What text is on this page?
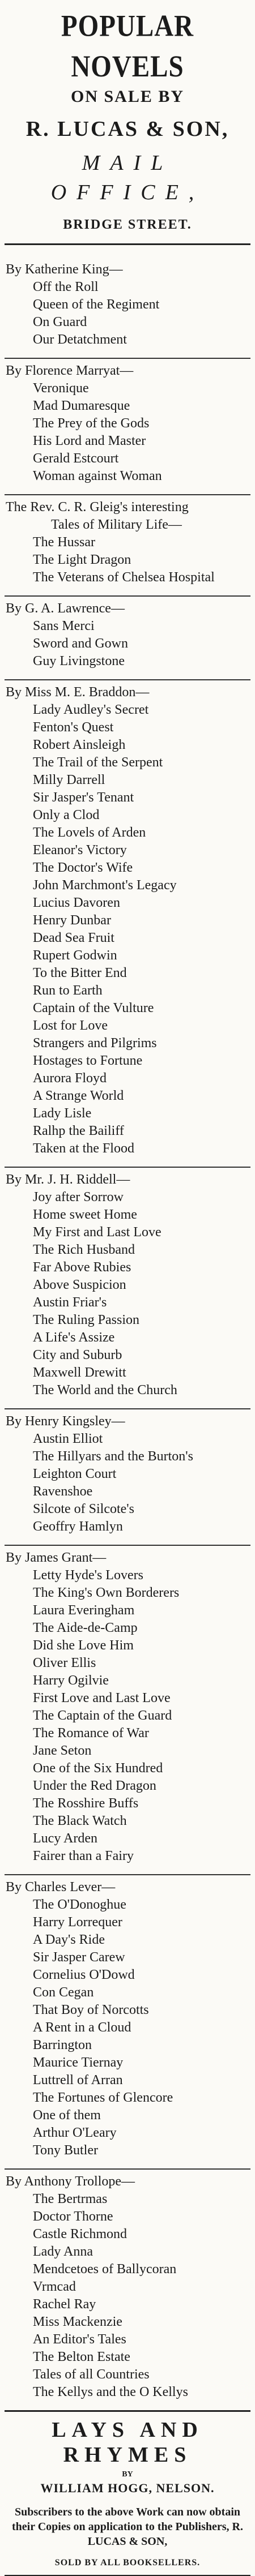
POPULAR NOVELS
ON SALE BY
R. LUCAS & SON,
MAIL OFFICE,
BRIDGE STREET.
By Katherine King—
Off the Roll
Queen of the Regiment
On Guard
Our Detatchment
By Florence Marryat—
Veronique
Mad Dumaresque
The Prey of the Gods
His Lord and Master
Gerald Estcourt
Woman against Woman
The Rev. C. R. Gleig's interesting
Tales of Military Life—
The Hussar
The Light Dragon
The Veterans of Chelsea Hospital
By G. A. Lawrence—
Sans Merci
Sword and Gown
Guy Livingstone
By Miss M. E. Braddon—
Lady Audley's Secret
Fenton's Quest
Robert Ainsleigh
The Trail of the Serpent
Milly Darrell
Sir Jasper's Tenant
Only a Clod
The Lovels of Arden
Eleanor's Victory
The Doctor's Wife
John Marchmont's Legacy
Lucius Davoren
Henry Dunbar
Dead Sea Fruit
Rupert Godwin
To the Bitter End
Run to Earth
Captain of the Vulture
Lost for Love
Strangers and Pilgrims
Hostages to Fortune
Aurora Floyd
A Strange World
Lady Lisle
Ralhp the Bailiff
Taken at the Flood
By Mr. J. H. Riddell—
Joy after Sorrow
Home sweet Home
My First and Last Love
The Rich Husband
Far Above Rubies
Above Suspicion
Austin Friar's
The Ruling Passion
A Life's Assize
City and Suburb
Maxwell Drewitt
The World and the Church
By Henry Kingsley—
Austin Elliot
The Hillyars and the Burton's
Leighton Court
Ravenshoe
Silcote of Silcote's
Geoffry Hamlyn
By James Grant—
Letty Hyde's Lovers
The King's Own Borderers
Laura Everingham
The Aide-de-Camp
Did she Love Him
Oliver Ellis
Harry Ogilvie
First Love and Last Love
The Captain of the Guard
The Romance of War
Jane Seton
One of the Six Hundred
Under the Red Dragon
The Rosshire Buffs
The Black Watch
Lucy Arden
Fairer than a Fairy
By Charles Lever—
The O'Donoghue
Harry Lorrequer
A Day's Ride
Sir Jasper Carew
Cornelius O'Dowd
Con Cegan
That Boy of Norcotts
A Rent in a Cloud
Barrington
Maurice Tiernay
Luttrell of Arran
The Fortunes of Glencore
One of them
Arthur O'Leary
Tony Butler
By Anthony Trollope—
The Bertrmas
Doctor Thorne
Castle Richmond
Lady Anna
Mendcetoes of Ballycoran
Vrmcad
Rachel Ray
Miss Mackenzie
An Editor's Tales
The Belton Estate
Tales of all Countries
The Kellys and the O Kellys
LAYS AND RHYMES
BY
WILLIAM HOGG, NELSON.
Subscribers to the above Work can now obtain their Copies on application to the Publishers, R. LUCAS & SON,
SOLD BY ALL BOOKSELLERS.
